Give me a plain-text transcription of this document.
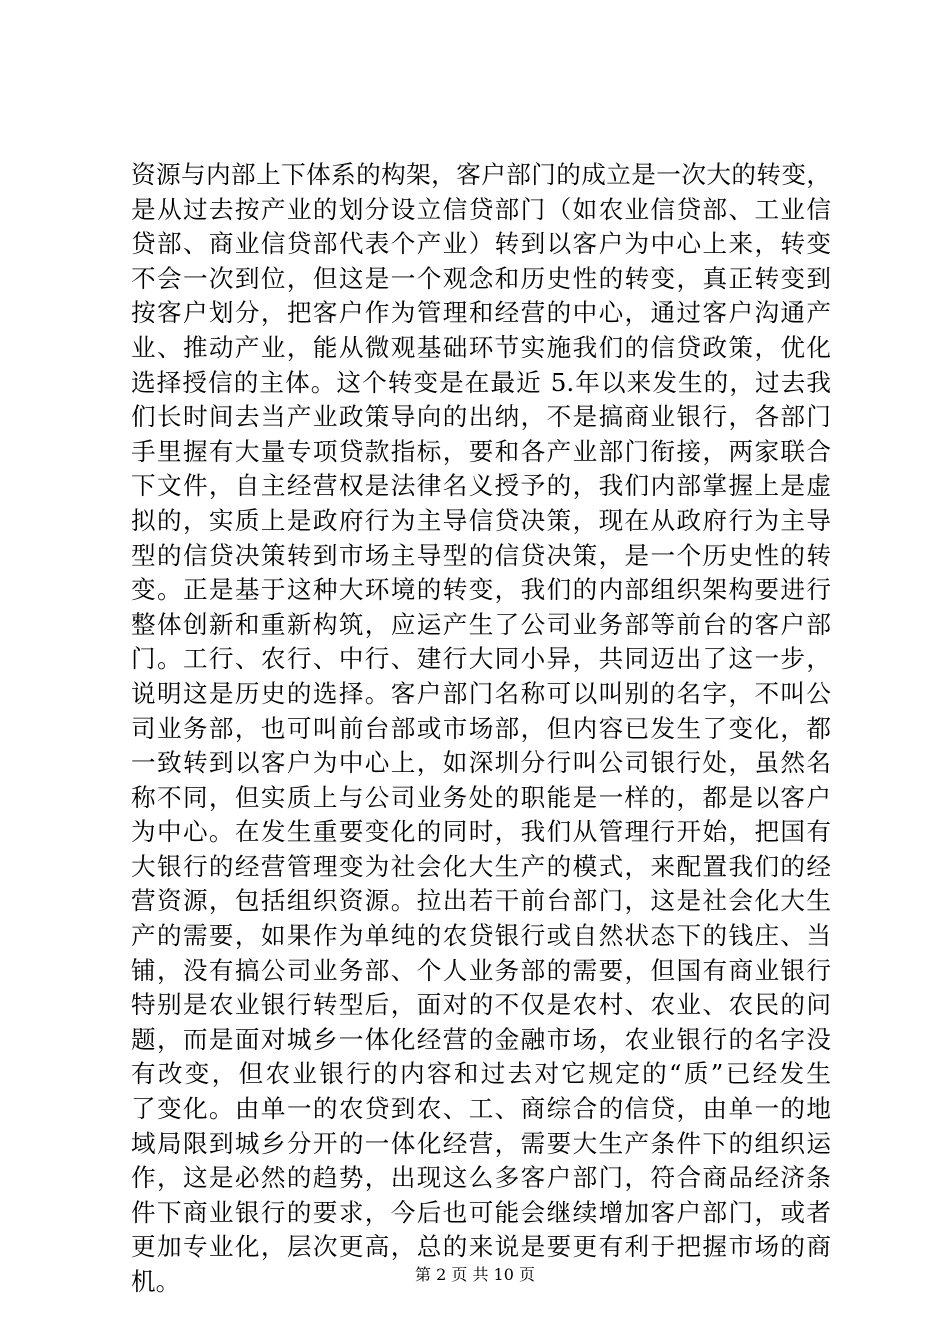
资源与内部上下体系的构架，客户部门的成立是一次大的转变，
是从过去按产业的划分设立信贷部门（如农业信贷部、工业信
贷部、商业信贷部代表个产业）转到以客户为中心上来，转变
不会一次到位，但这是一个观念和历史性的转变，真正转变到
按客户划分，把客户作为管理和经营的中心，通过客户沟通产
业、推动产业，能从微观基础环节实施我们的信贷政策，优化
选择授信的主体。这个转变是在最近 5.年以来发生的，过去我
们长时间去当产业政策导向的出纳，不是搞商业银行，各部门
手里握有大量专项贷款指标，要和各产业部门衔接，两家联合
下文件，自主经营权是法律名义授予的，我们内部掌握上是虚
拟的，实质上是政府行为主导信贷决策，现在从政府行为主导
型的信贷决策转到市场主导型的信贷决策，是一个历史性的转
变。正是基于这种大环境的转变，我们的内部组织架构要进行
整体创新和重新构筑，应运产生了公司业务部等前台的客户部
门。工行、农行、中行、建行大同小异，共同迈出了这一步，
说明这是历史的选择。客户部门名称可以叫别的名字，不叫公
司业务部，也可叫前台部或市场部，但内容已发生了变化，都
一致转到以客户为中心上，如深圳分行叫公司银行处，虽然名
称不同，但实质上与公司业务处的职能是一样的，都是以客户
为中心。在发生重要变化的同时，我们从管理行开始，把国有
大银行的经营管理变为社会化大生产的模式，来配置我们的经
营资源，包括组织资源。拉出若干前台部门，这是社会化大生
产的需要，如果作为单纯的农贷银行或自然状态下的钱庄、当
铺，没有搞公司业务部、个人业务部的需要，但国有商业银行
特别是农业银行转型后，面对的不仅是农村、农业、农民的问
题，而是面对城乡一体化经营的金融市场，农业银行的名字没
有改变，但农业银行的内容和过去对它规定的“质”已经发生
了变化。由单一的农贷到农、工、商综合的信贷，由单一的地
域局限到城乡分开的一体化经营，需要大生产条件下的组织运
作，这是必然的趋势，出现这么多客户部门，符合商品经济条
件下商业银行的要求，今后也可能会继续增加客户部门，或者
更加专业化，层次更高，总的来说是要更有利于把握市场的商
机。	第 2 页 共 10 页
